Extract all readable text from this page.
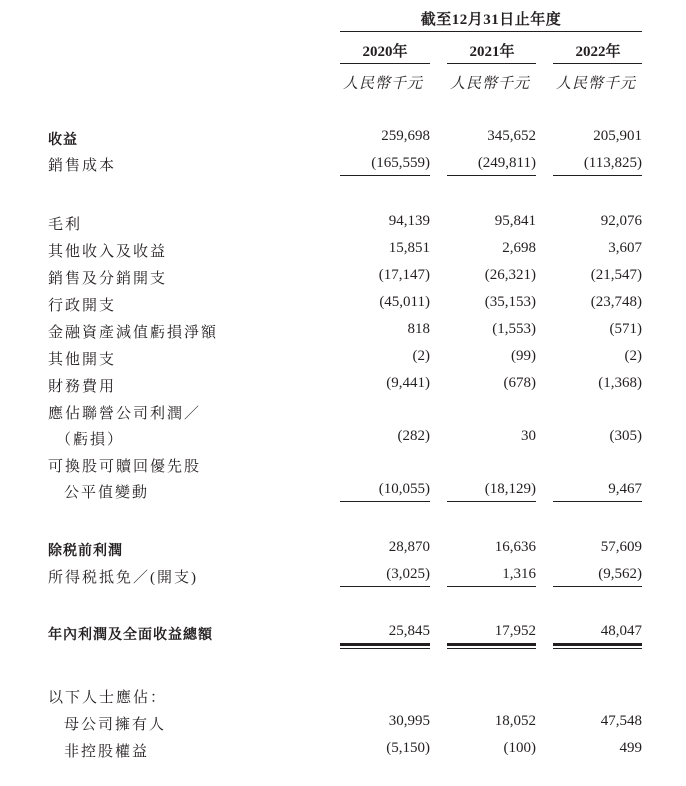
截至12月31日止年度
2020年	2021年	2022年
人民幣千元	人民幣千元	人民幣千元
收益	259,698	345,652	205,901
銷售成本	(165,559)	(249,811)	(113,825)
毛利	94,139	95,841	92,076
其他收入及收益	15,851	2,698	3,607
銷售及分銷開支	(17,147)	(26,321)	(21,547)
行政開支	(45,011)	(35,153)	(23,748)
金融資產減值虧損淨額	818	(1,553)	(571)
其他開支	(2)	(99)	(2)
財務費用	(9,441)	(678)	(1,368)
應佔聯營公司利潤／
（虧損）	(282)	30	(305)
可換股可贖回優先股
公平值變動	(10,055)	(18,129)	9,467
除税前利潤	28,870	16,636	57,609
所得税抵免／(開支)	(3,025)	1,316	(9,562)
年內利潤及全面收益總額	25,845	17,952	48,047
以下人士應佔：
母公司擁有人	30,995	18,052	47,548
非控股權益	(5,150)	(100)	499
